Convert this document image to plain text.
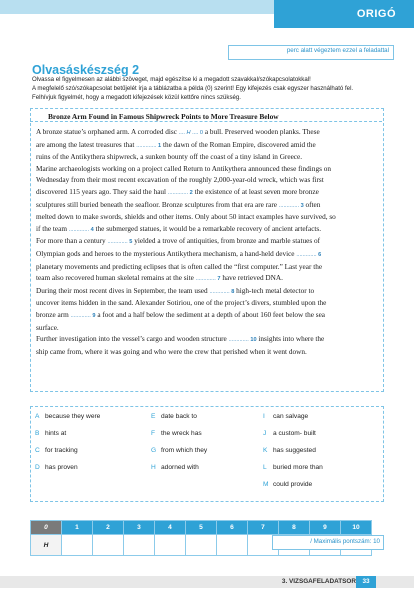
ORIGÓ
perc alatt végeztem ezzel a feladattal
Olvasáskészség 2
Olvassa el figyelmesen az alábbi szöveget, majd egészítse ki a megadott szavakkal/szókapcsolatokkal!
A megfelelő szó/szókapcsolat betűjelét írja a táblázatba a példa (0) szerint! Egy kifejezés csak egyszer használható fel.
Felhívjuk figyelmét, hogy a megadott kifejezések közül kettőre nincs szükség.
Bronze Arm Found in Famous Shipwreck Points to More Treasure Below
A bronze statue’s orphaned arm. A corroded disc .... H .... 0 a bull. Preserved wooden planks. These
are among the latest treasures that ............. 1 the dawn of the Roman Empire, discovered amid the
ruins of the Antikythera shipwreck, a sunken bounty off the coast of a tiny island in Greece.
Marine archaeologists working on a project called Return to Antikythera announced these findings on
Wednesday from their most recent excavation of the roughly 2,000-year-old wreck, which was first
discovered 115 years ago. They said the haul ............. 2 the existence of at least seven more bronze
sculptures still buried beneath the seafloor. Bronze sculptures from that era are rare ............. 3 often
melted down to make swords, shields and other items. Only about 50 intact examples have survived, so
if the team ............. 4 the submerged statues, it would be a remarkable recovery of ancient artefacts.
For more than a century ............. 5 yielded a trove of antiquities, from bronze and marble statues of
Olympian gods and heroes to the mysterious Antikythera mechanism, a hand-held device ............. 6
planetary movements and predicting eclipses that is often called the “first computer.” Last year the
team also recovered human skeletal remains at the site ............. 7 have retrieved DNA.
During their most recent dives in September, the team used ............. 8 high-tech metal detector to
uncover items hidden in the sand. Alexander Sotiriou, one of the project’s divers, stumbled upon the
bronze arm ............. 9 a foot and a half below the sediment at a depth of about 160 feet below the sea
surface.
Further investigation into the vessel’s cargo and wooden structure ............. 10 insights into where the
ship came from, where it was going and who were the crew that perished when it went down.
A because they were
B hints at
C for tracking
D has proven
E date back to
F the wreck has
G from which they
H adorned with
I can salvage
J a custom- built
K has suggested
L buried more than
M could provide
0	1	2	3	4	5	6	7	8	9	10
H											/ Maximális pontszám: 10
3. VIZSGAFELADATSOR	33
